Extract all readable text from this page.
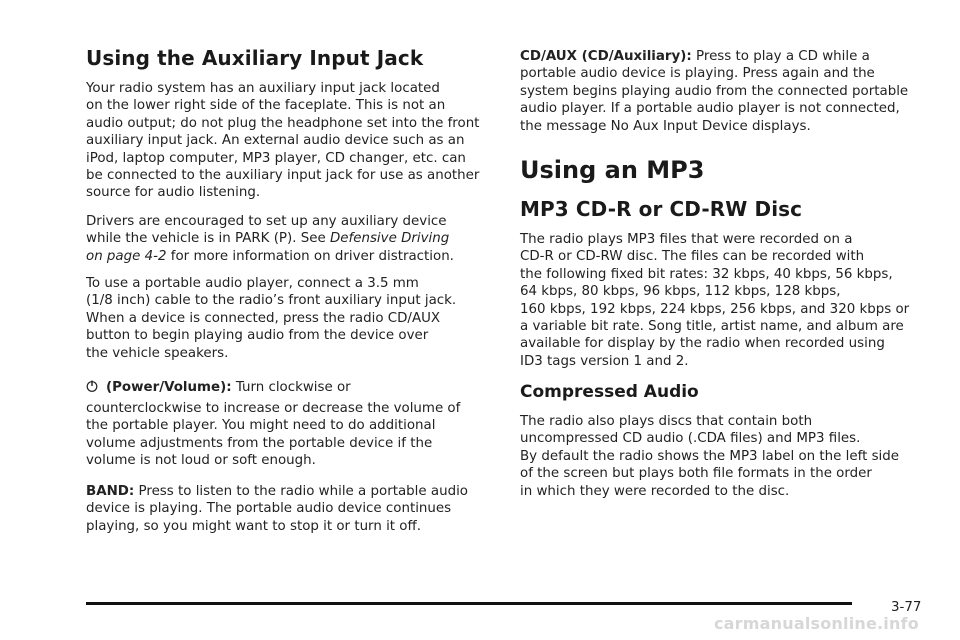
Using the Auxiliary Input Jack

Your radio system has an auxiliary input jack located
on the lower right side of the faceplate. This is not an
audio output; do not plug the headphone set into the front
auxiliary input jack. An external audio device such as an
iPod, laptop computer, MP3 player, CD changer, etc. can
be connected to the auxiliary input jack for use as another
source for audio listening.

Drivers are encouraged to set up any auxiliary device
while the vehicle is in PARK (P). See Defensive Driving
on page 4-2 for more information on driver distraction.

To use a portable audio player, connect a 3.5 mm
(1/8 inch) cable to the radio’s front auxiliary input jack.
When a device is connected, press the radio CD/AUX
button to begin playing audio from the device over
the vehicle speakers.

(Power/Volume): Turn clockwise or

counterclockwise to increase or decrease the volume of
the portable player. You might need to do additional
volume adjustments from the portable device if the
volume is not loud or soft enough.

BAND: Press to listen to the radio while a portable audio
device is playing. The portable audio device continues
playing, so you might want to stop it or turn it off.

CD/AUX (CD/Auxiliary): Press to play a CD while a
portable audio device is playing. Press again and the
system begins playing audio from the connected portable
audio player. If a portable audio player is not connected,
the message No Aux Input Device displays.

Using an MP3
MP3 CD-R or CD-RW Disc

The radio plays MP3 files that were recorded on a
CD-R or CD-RW disc. The files can be recorded with
the following fixed bit rates: 32 kbps, 40 kbps, 56 kbps,
64 kbps, 80 kbps, 96 kbps, 112 kbps, 128 kbps,
160 kbps, 192 kbps, 224 kbps, 256 kbps, and 320 kbps or
a variable bit rate. Song title, artist name, and album are
available for display by the radio when recorded using
ID3 tags version 1 and 2.

Compressed Audio

The radio also plays discs that contain both
uncompressed CD audio (.CDA files) and MP3 files.
By default the radio shows the MP3 label on the left side
of the screen but plays both file formats in the order
in which they were recorded to the disc.

3-77
carmanualsonline.info
